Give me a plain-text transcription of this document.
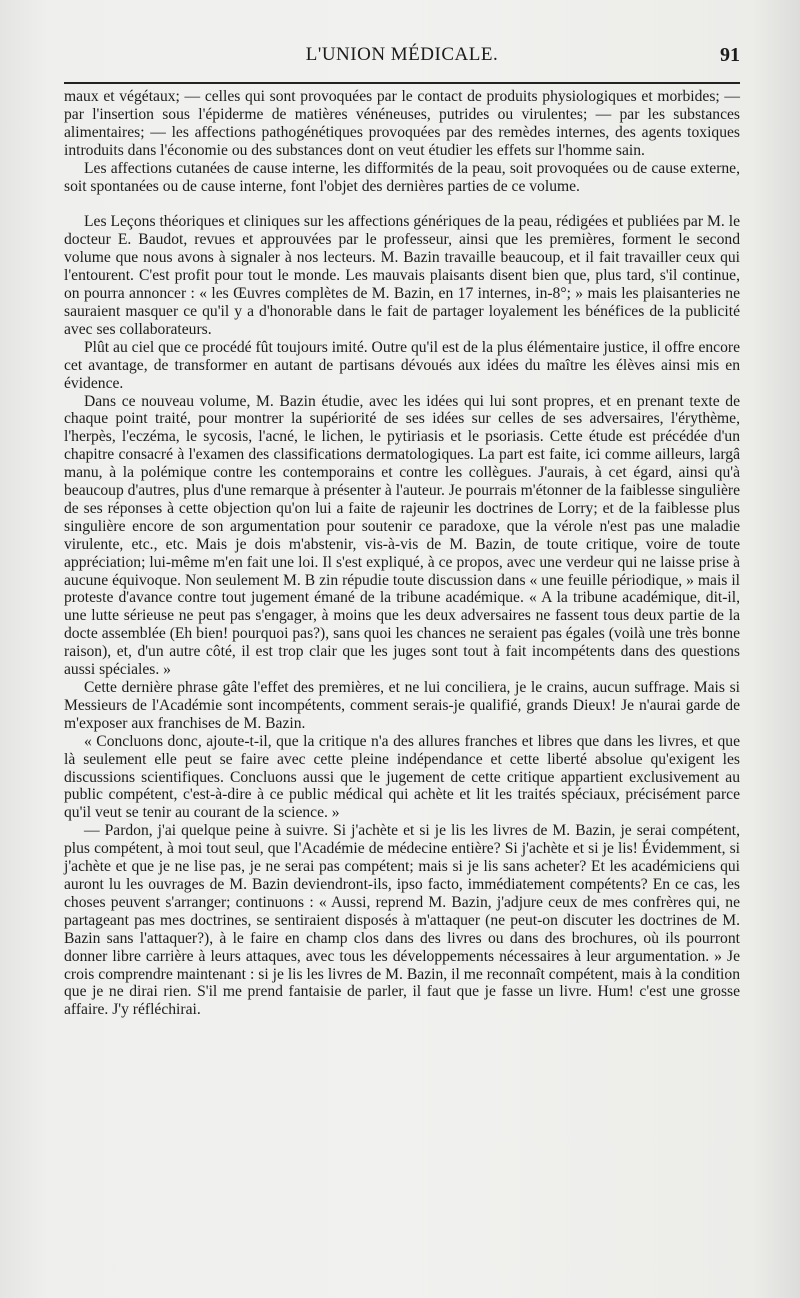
L'UNION MÉDICALE.	91

maux et végétaux; — celles qui sont provoquées par le contact de produits physiologiques et morbides; — par l'insertion sous l'épiderme de matières vénéneuses, putrides ou virulentes; — par les substances alimentaires; — les affections pathogénétiques provoquées par des remèdes internes, des agents toxiques introduits dans l'économie ou des substances dont on veut étudier les effets sur l'homme sain.

Les affections cutanées de cause interne, les difformités de la peau, soit provoquées ou de cause externe, soit spontanées ou de cause interne, font l'objet des dernières parties de ce volume.

Les Leçons théoriques et cliniques sur les affections génériques de la peau, rédigées et publiées par M. le docteur E. Baudot, revues et approuvées par le professeur, ainsi que les premières, forment le second volume que nous avons à signaler à nos lecteurs. M. Bazin travaille beaucoup, et il fait travailler ceux qui l'entourent. C'est profit pour tout le monde. Les mauvais plaisants disent bien que, plus tard, s'il continue, on pourra annoncer : « les Œuvres complètes de M. Bazin, en 17 internes, in-8°; » mais les plaisanteries ne sauraient masquer ce qu'il y a d'honorable dans le fait de partager loyalement les bénéfices de la publicité avec ses collaborateurs.

Plût au ciel que ce procédé fût toujours imité. Outre qu'il est de la plus élémentaire justice, il offre encore cet avantage, de transformer en autant de partisans dévoués aux idées du maître les élèves ainsi mis en évidence.

Dans ce nouveau volume, M. Bazin étudie, avec les idées qui lui sont propres, et en prenant texte de chaque point traité, pour montrer la supériorité de ses idées sur celles de ses adversaires, l'érythème, l'herpès, l'eczéma, le sycosis, l'acné, le lichen, le pytiriasis et le psoriasis. Cette étude est précédée d'un chapitre consacré à l'examen des classifications dermatologiques. La part est faite, ici comme ailleurs, largâ manu, à la polémique contre les contemporains et contre les collègues. J'aurais, à cet égard, ainsi qu'à beaucoup d'autres, plus d'une remarque à présenter à l'auteur. Je pourrais m'étonner de la faiblesse singulière de ses réponses à cette objection qu'on lui a faite de rajeunir les doctrines de Lorry; et de la faiblesse plus singulière encore de son argumentation pour soutenir ce paradoxe, que la vérole n'est pas une maladie virulente, etc., etc. Mais je dois m'abstenir, vis-à-vis de M. Bazin, de toute critique, voire de toute appréciation; lui-même m'en fait une loi. Il s'est expliqué, à ce propos, avec une verdeur qui ne laisse prise à aucune équivoque. Non seulement M. B zin répudie toute discussion dans « une feuille périodique, » mais il proteste d'avance contre tout jugement émané de la tribune académique. « A la tribune académique, dit-il, une lutte sérieuse ne peut pas s'engager, à moins que les deux adversaires ne fassent tous deux partie de la docte assemblée (Eh bien! pourquoi pas?), sans quoi les chances ne seraient pas égales (voilà une très bonne raison), et, d'un autre côté, il est trop clair que les juges sont tout à fait incompétents dans des questions aussi spéciales. »

Cette dernière phrase gâte l'effet des premières, et ne lui conciliera, je le crains, aucun suffrage. Mais si Messieurs de l'Académie sont incompétents, comment serais-je qualifié, grands Dieux! Je n'aurai garde de m'exposer aux franchises de M. Bazin.

« Concluons donc, ajoute-t-il, que la critique n'a des allures franches et libres que dans les livres, et que là seulement elle peut se faire avec cette pleine indépendance et cette liberté absolue qu'exigent les discussions scientifiques. Concluons aussi que le jugement de cette critique appartient exclusivement au public compétent, c'est-à-dire à ce public médical qui achète et lit les traités spéciaux, précisément parce qu'il veut se tenir au courant de la science. »

— Pardon, j'ai quelque peine à suivre. Si j'achète et si je lis les livres de M. Bazin, je serai compétent, plus compétent, à moi tout seul, que l'Académie de médecine entière? Si j'achète et si je lis! Évidemment, si j'achète et que je ne lise pas, je ne serai pas compétent; mais si je lis sans acheter? Et les académiciens qui auront lu les ouvrages de M. Bazin deviendront-ils, ipso facto, immédiatement compétents? En ce cas, les choses peuvent s'arranger; continuons : « Aussi, reprend M. Bazin, j'adjure ceux de mes confrères qui, ne partageant pas mes doctrines, se sentiraient disposés à m'attaquer (ne peut-on discuter les doctrines de M. Bazin sans l'attaquer?), à le faire en champ clos dans des livres ou dans des brochures, où ils pourront donner libre carrière à leurs attaques, avec tous les développements nécessaires à leur argumentation. » Je crois comprendre maintenant : si je lis les livres de M. Bazin, il me reconnaît compétent, mais à la condition que je ne dirai rien. S'il me prend fantaisie de parler, il faut que je fasse un livre. Hum! c'est une grosse affaire. J'y réfléchirai.
